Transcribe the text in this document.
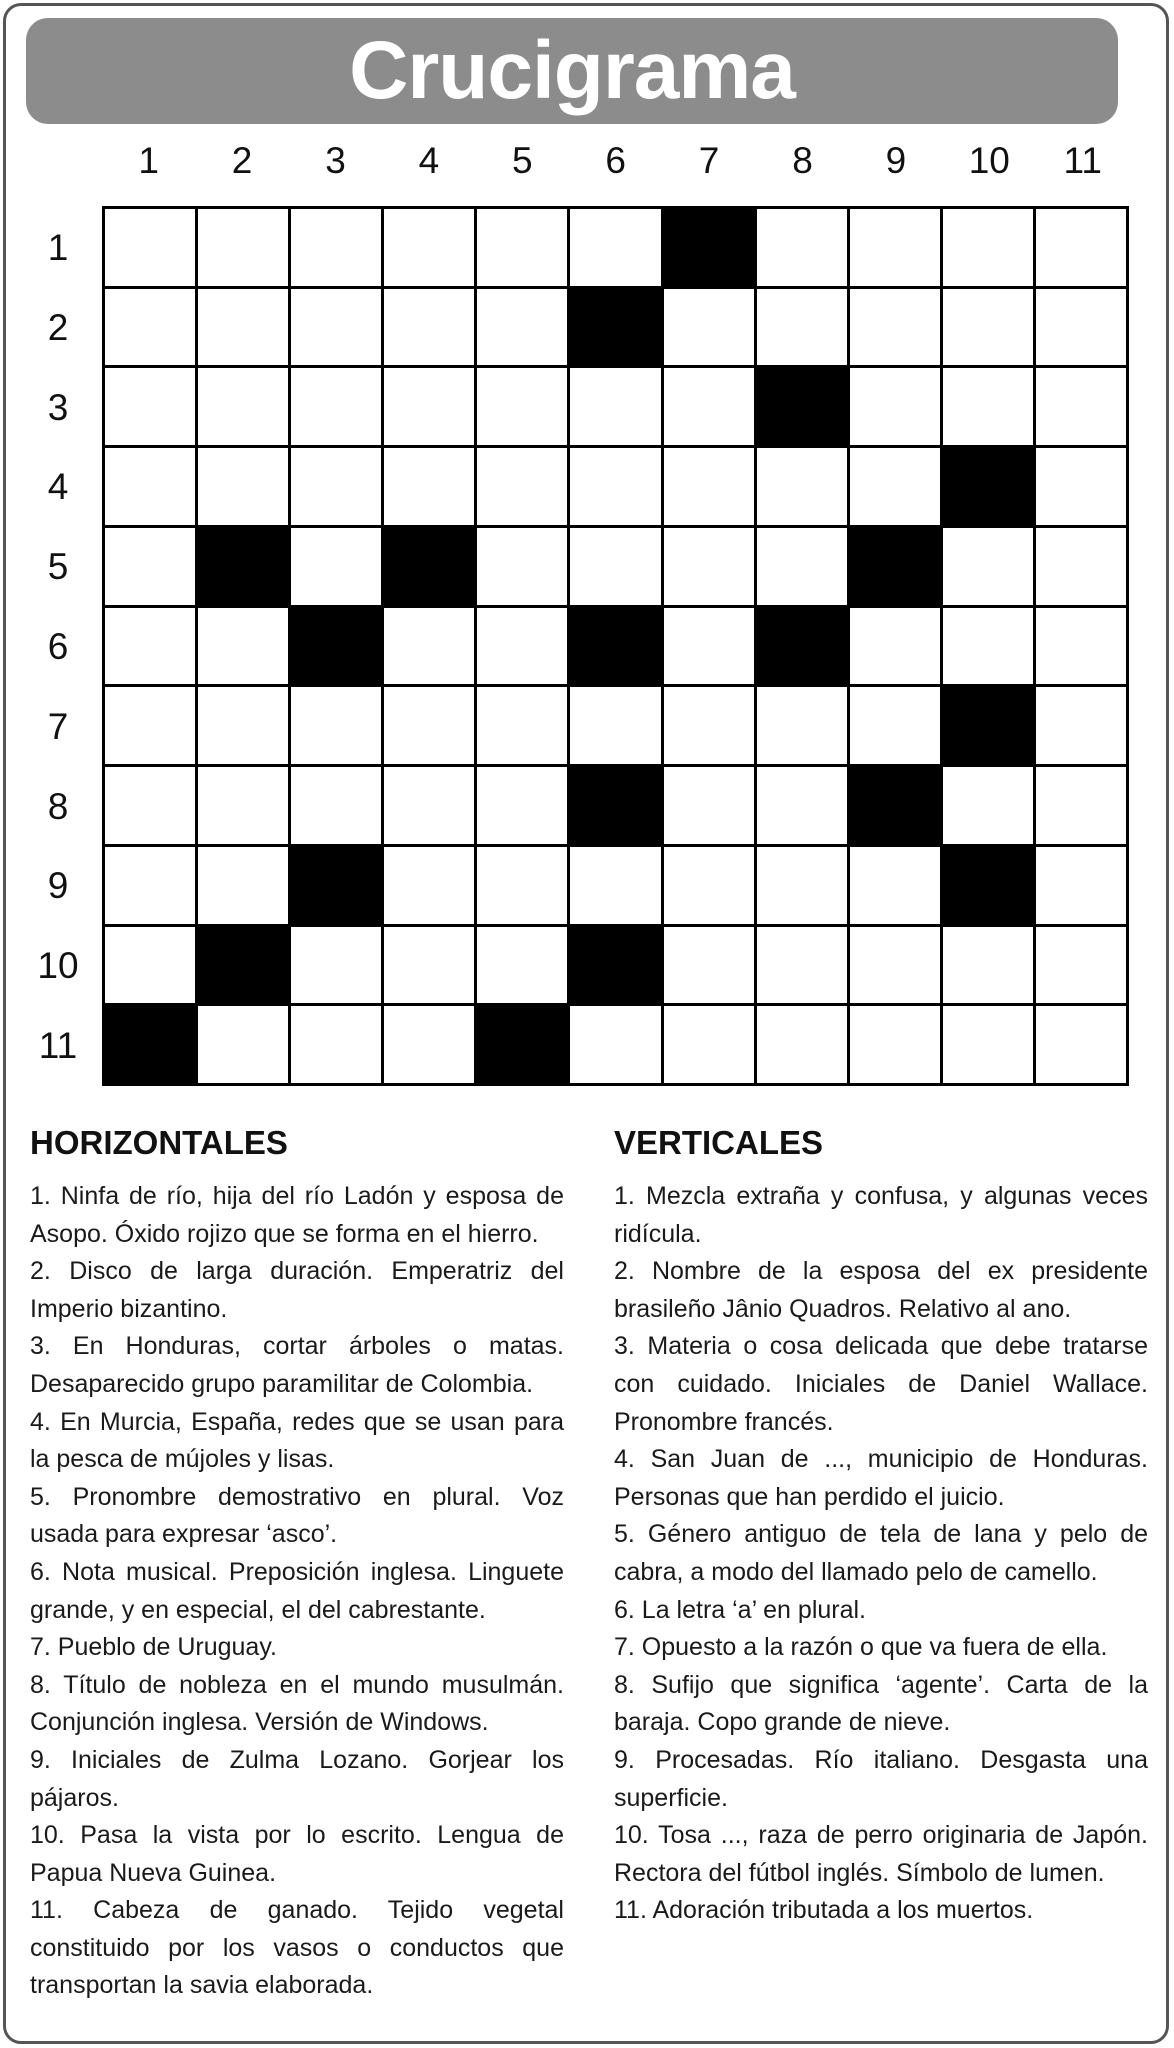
Crucigrama
1	2	3	4	5	6	7	8	9	10	11
1
2
3
4
5
6
7
8
9
10
11
HORIZONTALES
1. Ninfa de río, hija del río Ladón y esposa de Asopo. Óxido rojizo que se forma en el hierro.
2. Disco de larga duración. Emperatriz del Imperio bizantino.
3. En Honduras, cortar árboles o matas. Desaparecido grupo paramilitar de Colombia.
4. En Murcia, España, redes que se usan para la pesca de mújoles y lisas.
5. Pronombre demostrativo en plural. Voz usada para expresar ‘asco’.
6. Nota musical. Preposición inglesa. Linguete grande, y en especial, el del cabrestante.
7. Pueblo de Uruguay.
8. Título de nobleza en el mundo musulmán. Conjunción inglesa. Versión de Windows.
9. Iniciales de Zulma Lozano. Gorjear los pájaros.
10. Pasa la vista por lo escrito. Lengua de Papua Nueva Guinea.
11. Cabeza de ganado. Tejido vegetal constituido por los vasos o conductos que transportan la savia elaborada.
VERTICALES
1. Mezcla extraña y confusa, y algunas veces ridícula.
2. Nombre de la esposa del ex presidente brasileño Jânio Quadros. Relativo al ano.
3. Materia o cosa delicada que debe tratarse con cuidado. Iniciales de Daniel Wallace. Pronombre francés.
4. San Juan de ..., municipio de Honduras. Personas que han perdido el juicio.
5. Género antiguo de tela de lana y pelo de cabra, a modo del llamado pelo de camello.
6. La letra ‘a’ en plural.
7. Opuesto a la razón o que va fuera de ella.
8. Sufijo que significa ‘agente’. Carta de la baraja. Copo grande de nieve.
9. Procesadas. Río italiano. Desgasta una superficie.
10. Tosa ..., raza de perro originaria de Japón. Rectora del fútbol inglés. Símbolo de lumen.
11. Adoración tributada a los muertos.
